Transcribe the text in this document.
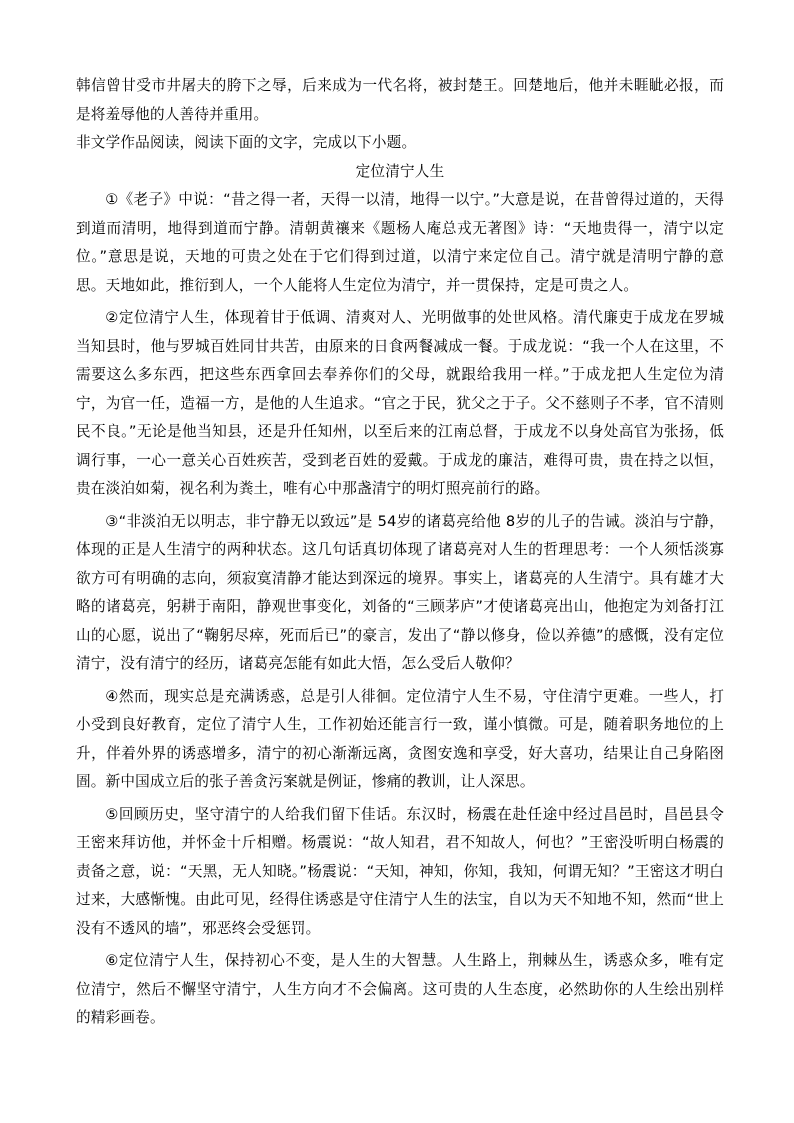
韩信曾甘受市井屠夫的胯下之辱，后来成为一代名将，被封楚王。回楚地后，他并未睚眦必报，而是将羞辱他的人善待并重用。

非文学作品阅读，阅读下面的文字，完成以下小题。

定位清宁人生

①《老子》中说：“昔之得一者，天得一以清，地得一以宁。”大意是说，在昔曾得过道的，天得到道而清明，地得到道而宁静。清朝黄禳来《题杨人庵总戎无著图》诗：“天地贵得一，清宁以定位。”意思是说，天地的可贵之处在于它们得到过道，以清宁来定位自己。清宁就是清明宁静的意思。天地如此，推衍到人，一个人能将人生定位为清宁，并一贯保持，定是可贵之人。

②定位清宁人生，体现着甘于低调、清爽对人、光明做事的处世风格。清代廉吏于成龙在罗城当知县时，他与罗城百姓同甘共苦，由原来的日食两餐减成一餐。于成龙说：“我一个人在这里，不需要这么多东西，把这些东西拿回去奉养你们的父母，就跟给我用一样。”于成龙把人生定位为清宁，为官一任，造福一方，是他的人生追求。“官之于民，犹父之于子。父不慈则子不孝，官不清则民不良。”无论是他当知县，还是升任知州，以至后来的江南总督，于成龙不以身处高官为张扬，低调行事，一心一意关心百姓疾苦，受到老百姓的爱戴。于成龙的廉洁，难得可贵，贵在持之以恒，贵在淡泊如菊，视名利为粪土，唯有心中那盏清宁的明灯照亮前行的路。

③“非淡泊无以明志，非宁静无以致远”是 54岁的诸葛亮给他 8岁的儿子的告诫。淡泊与宁静，体现的正是人生清宁的两种状态。这几句话真切体现了诸葛亮对人生的哲理思考：一个人须恬淡寡欲方可有明确的志向，须寂寞清静才能达到深远的境界。事实上，诸葛亮的人生清宁。具有雄才大略的诸葛亮，躬耕于南阳，静观世事变化，刘备的“三顾茅庐”才使诸葛亮出山，他抱定为刘备打江山的心愿，说出了“鞠躬尽瘁，死而后已”的豪言，发出了“静以修身，俭以养德”的感慨，没有定位清宁，没有清宁的经历，诸葛亮怎能有如此大悟，怎么受后人敬仰？

④然而，现实总是充满诱惑，总是引人徘徊。定位清宁人生不易，守住清宁更难。一些人，打小受到良好教育，定位了清宁人生，工作初始还能言行一致，谨小慎微。可是，随着职务地位的上升，伴着外界的诱惑增多，清宁的初心渐渐远离，贪图安逸和享受，好大喜功，结果让自己身陷囹圄。新中国成立后的张子善贪污案就是例证，惨痛的教训，让人深思。

⑤回顾历史，坚守清宁的人给我们留下佳话。东汉时，杨震在赴任途中经过昌邑时，昌邑县令王密来拜访他，并怀金十斤相赠。杨震说：“故人知君，君不知故人，何也？”王密没听明白杨震的责备之意，说：“天黑，无人知晓。”杨震说：“天知，神知，你知，我知，何谓无知？”王密这才明白过来，大感惭愧。由此可见，经得住诱惑是守住清宁人生的法宝，自以为天不知地不知，然而“世上没有不透风的墙”，邪恶终会受惩罚。

⑥定位清宁人生，保持初心不变，是人生的大智慧。人生路上，荆棘丛生，诱惑众多，唯有定位清宁，然后不懈坚守清宁，人生方向才不会偏离。这可贵的人生态度，必然助你的人生绘出别样的精彩画卷。
